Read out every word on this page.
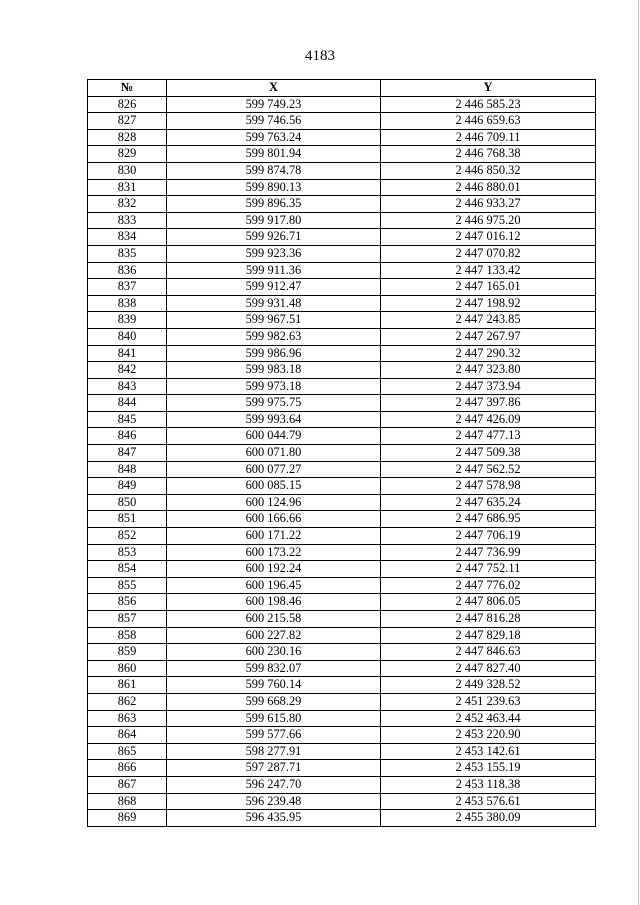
4183
№	X	Y
826	599 749.23	2 446 585.23
827	599 746.56	2 446 659.63
828	599 763.24	2 446 709.11
829	599 801.94	2 446 768.38
830	599 874.78	2 446 850.32
831	599 890.13	2 446 880.01
832	599 896.35	2 446 933.27
833	599 917.80	2 446 975.20
834	599 926.71	2 447 016.12
835	599 923.36	2 447 070.82
836	599 911.36	2 447 133.42
837	599 912.47	2 447 165.01
838	599 931.48	2 447 198.92
839	599 967.51	2 447 243.85
840	599 982.63	2 447 267.97
841	599 986.96	2 447 290.32
842	599 983.18	2 447 323.80
843	599 973.18	2 447 373.94
844	599 975.75	2 447 397.86
845	599 993.64	2 447 426.09
846	600 044.79	2 447 477.13
847	600 071.80	2 447 509.38
848	600 077.27	2 447 562.52
849	600 085.15	2 447 578.98
850	600 124.96	2 447 635.24
851	600 166.66	2 447 686.95
852	600 171.22	2 447 706.19
853	600 173.22	2 447 736.99
854	600 192.24	2 447 752.11
855	600 196.45	2 447 776.02
856	600 198.46	2 447 806.05
857	600 215.58	2 447 816.28
858	600 227.82	2 447 829.18
859	600 230.16	2 447 846.63
860	599 832.07	2 447 827.40
861	599 760.14	2 449 328.52
862	599 668.29	2 451 239.63
863	599 615.80	2 452 463.44
864	599 577.66	2 453 220.90
865	598 277.91	2 453 142.61
866	597 287.71	2 453 155.19
867	596 247.70	2 453 118.38
868	596 239.48	2 453 576.61
869	596 435.95	2 455 380.09
